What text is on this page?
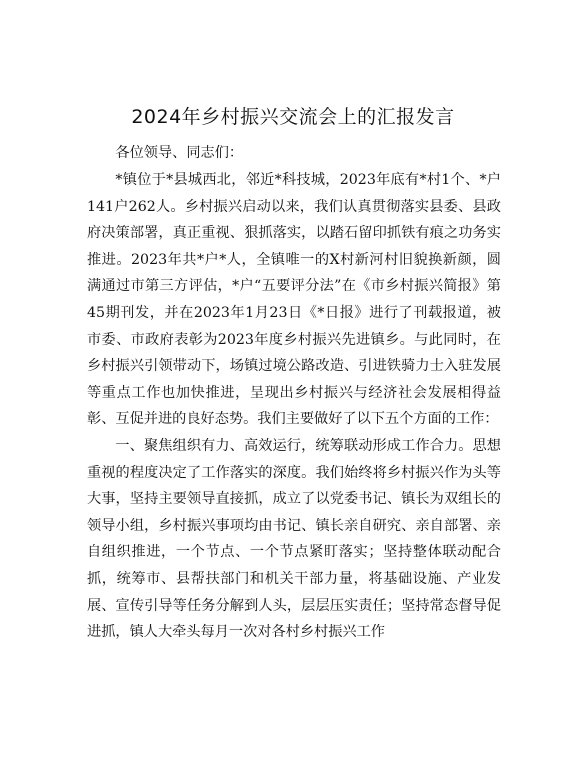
2024年乡村振兴交流会上的汇报发言

各位领导、同志们：

*镇位于*县城西北，邻近*科技城，2023年底有*村1个、*户141户262人。乡村振兴启动以来，我们认真贯彻落实县委、县政府决策部署，真正重视、狠抓落实，以踏石留印抓铁有痕之功务实推进。2023年共*户*人，全镇唯一的X村新河村旧貌换新颜，圆满通过市第三方评估，*户“五要评分法”在《市乡村振兴简报》第45期刊发，并在2023年1月23日《*日报》进行了刊载报道，被市委、市政府表彰为2023年度乡村振兴先进镇乡。与此同时，在乡村振兴引领带动下，场镇过境公路改造、引进铁骑力士入驻发展等重点工作也加快推进，呈现出乡村振兴与经济社会发展相得益彰、互促并进的良好态势。我们主要做好了以下五个方面的工作：

一、聚焦组织有力、高效运行，统筹联动形成工作合力。思想重视的程度决定了工作落实的深度。我们始终将乡村振兴作为头等大事，坚持主要领导直接抓，成立了以党委书记、镇长为双组长的领导小组，乡村振兴事项均由书记、镇长亲自研究、亲自部署、亲自组织推进，一个节点、一个节点紧盯落实；坚持整体联动配合抓，统筹市、县帮扶部门和机关干部力量，将基础设施、产业发展、宣传引导等任务分解到人头，层层压实责任；坚持常态督导促进抓，镇人大牵头每月一次对各村乡村振兴工作
